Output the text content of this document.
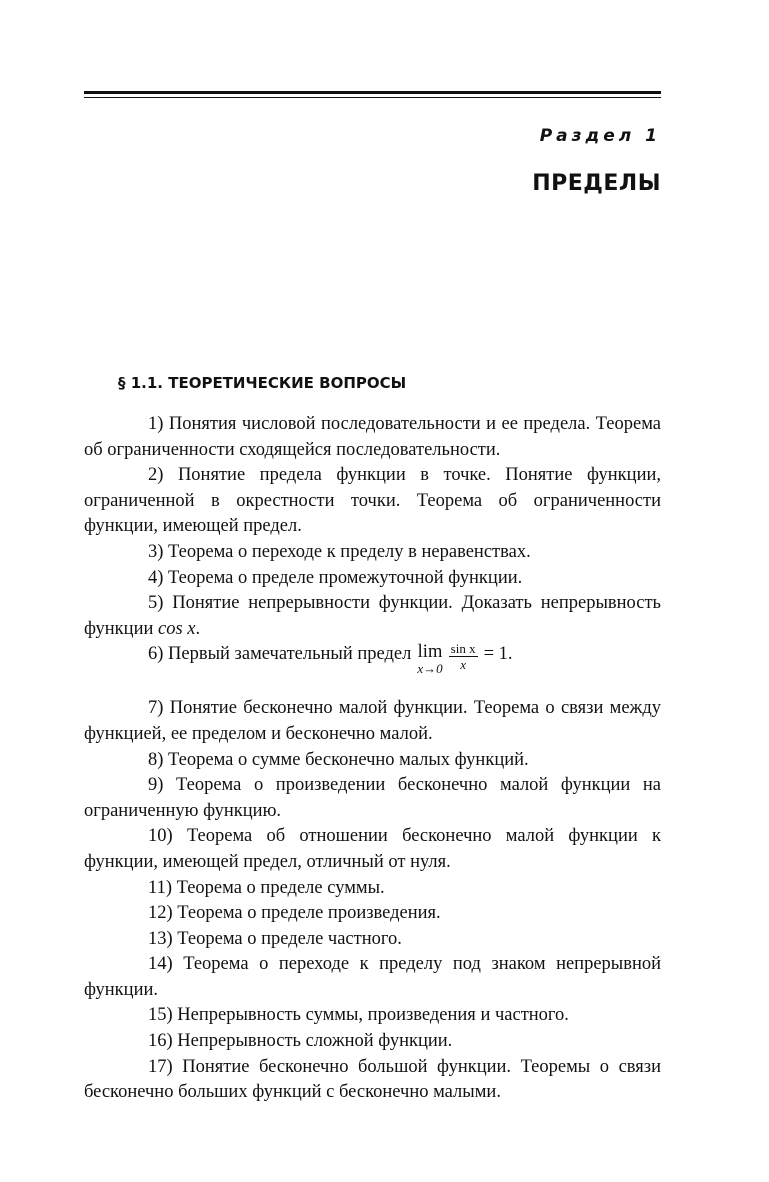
Раздел 1
ПРЕДЕЛЫ
§ 1.1. ТЕОРЕТИЧЕСКИЕ ВОПРОСЫ

1) Понятия числовой последовательности и ее предела. Теорема об ограниченности сходящейся последовательности.

2) Понятие предела функции в точке. Понятие функции, ограниченной в окрестности точки. Теорема об ограниченности функции, имеющей предел.

3) Теорема о переходе к пределу в неравенствах.

4) Теорема о пределе промежуточной функции.

5) Понятие непрерывности функции. Доказать непрерывность функции cos x.

6) Первый замечательный предел lim
$x\to 0 \frac{\text{sin x}}{x} = 1$.

7) Понятие бесконечно малой функции. Теорема о связи между функцией, ее пределом и бесконечно малой.

8) Теорема о сумме бесконечно малых функций.

9) Теорема о произведении бесконечно малой функции на ограниченную функцию.

10) Теорема об отношении бесконечно малой функции к функции, имеющей предел, отличный от нуля.

11) Теорема о пределе суммы.

12) Теорема о пределе произведения.

13) Теорема о пределе частного.

14) Теорема о переходе к пределу под знаком непрерывной функции.

15) Непрерывность суммы, произведения и частного.

16) Непрерывность сложной функции.

17) Понятие бесконечно большой функции. Теоремы о связи бесконечно больших функций с бесконечно малыми.
